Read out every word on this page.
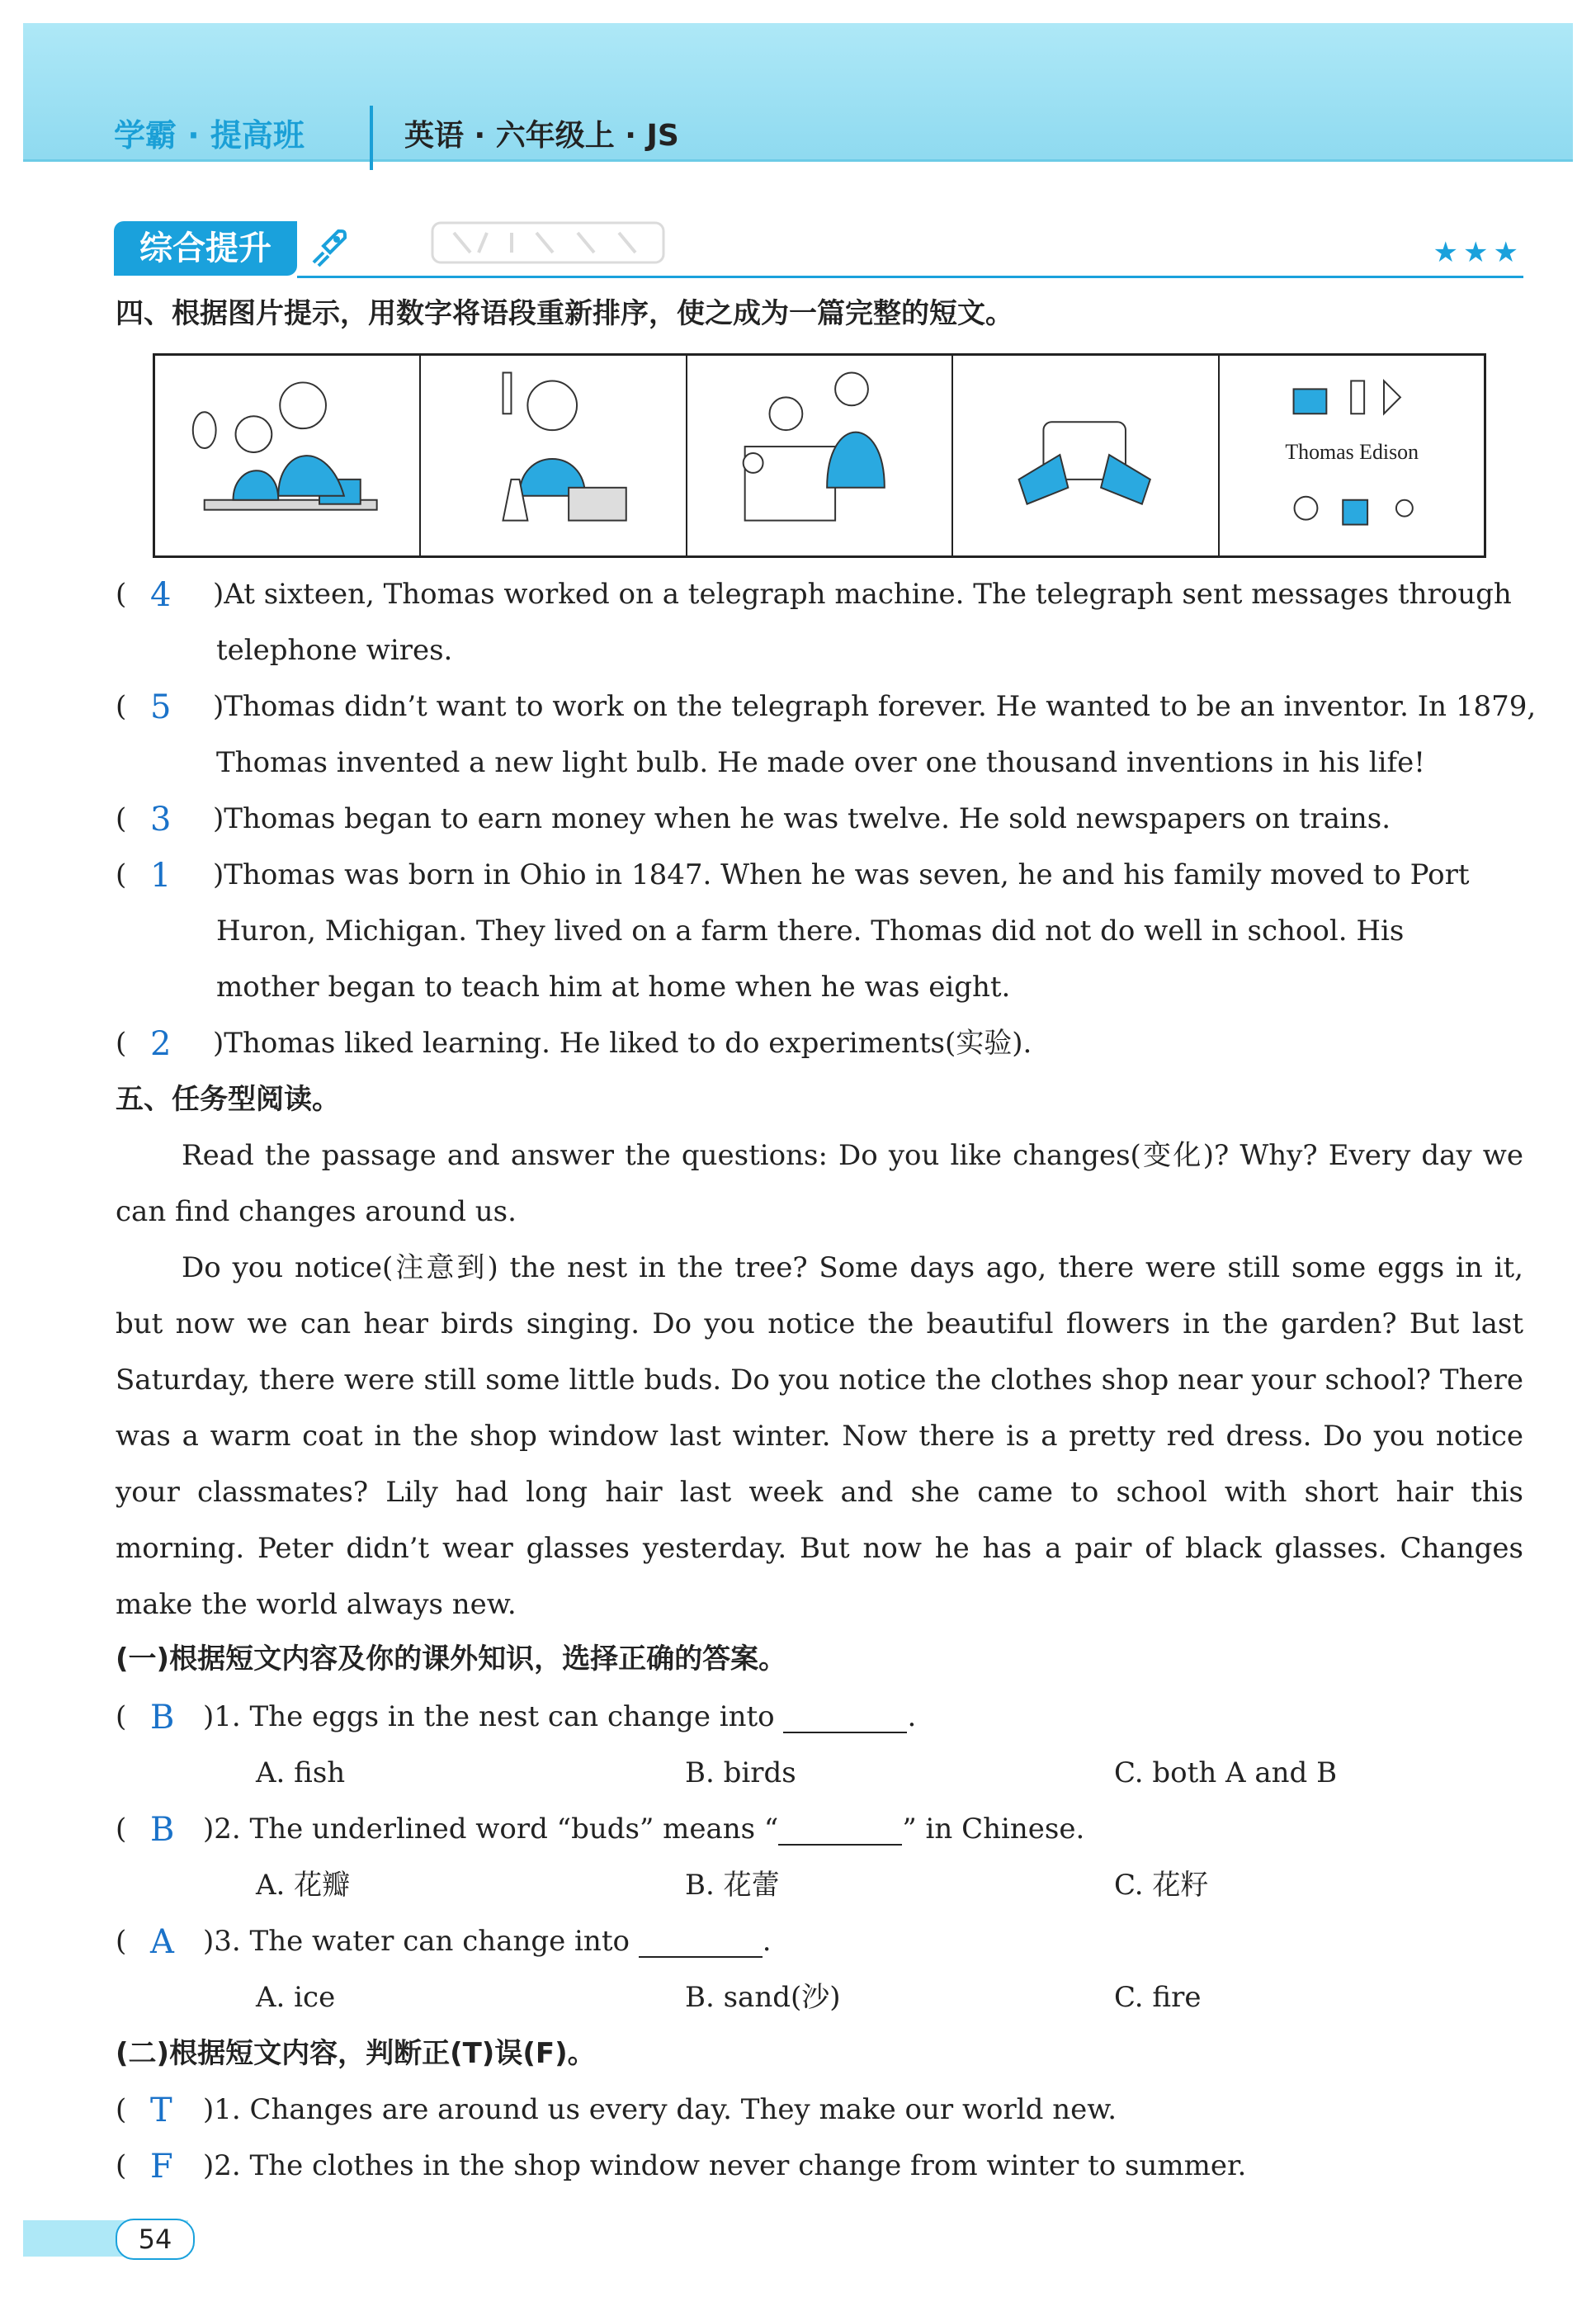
学霸 · 提高班	英语 · 六年级上 · JS
综合提升	★★★
四、根据图片提示，用数字将语段重新排序，使之成为一篇完整的短文。
Thomas Edison
( 4 )At sixteen, Thomas worked on a telegraph machine. The telegraph sent messages through
telephone wires.
( 5 )Thomas didn’t want to work on the telegraph forever. He wanted to be an inventor. In 1879,
Thomas invented a new light bulb. He made over one thousand inventions in his life!
( 3 )Thomas began to earn money when he was twelve. He sold newspapers on trains.
( 1 )Thomas was born in Ohio in 1847. When he was seven, he and his family moved to Port
Huron, Michigan. They lived on a farm there. Thomas did not do well in school. His
mother began to teach him at home when he was eight.
( 2 )Thomas liked learning. He liked to do experiments(实验).
五、任务型阅读。
Read the passage and answer the questions: Do you like changes(变化)? Why? Every day we can find changes around us.
Do you notice(注意到) the nest in the tree? Some days ago, there were still some eggs in it, but now we can hear birds singing. Do you notice the beautiful flowers in the garden? But last Saturday, there were still some little buds. Do you notice the clothes shop near your school? There was a warm coat in the shop window last winter. Now there is a pretty red dress. Do you notice your classmates? Lily had long hair last week and she came to school with short hair this morning. Peter didn’t wear glasses yesterday. But now he has a pair of black glasses. Changes make the world always new.
(一)根据短文内容及你的课外知识，选择正确的答案。
( B )1. The eggs in the nest can change into	.
A. fish	B. birds	C. both A and B
( B )2. The underlined word “buds” means “	” in Chinese.
A. 花瓣	B. 花蕾	C. 花籽
( A )3. The water can change into	.
A. ice	B. sand(沙)	C. fire
(二)根据短文内容，判断正(T)误(F)。
( T )1. Changes are around us every day. They make our world new.
( F )2. The clothes in the shop window never change from winter to summer.
54
